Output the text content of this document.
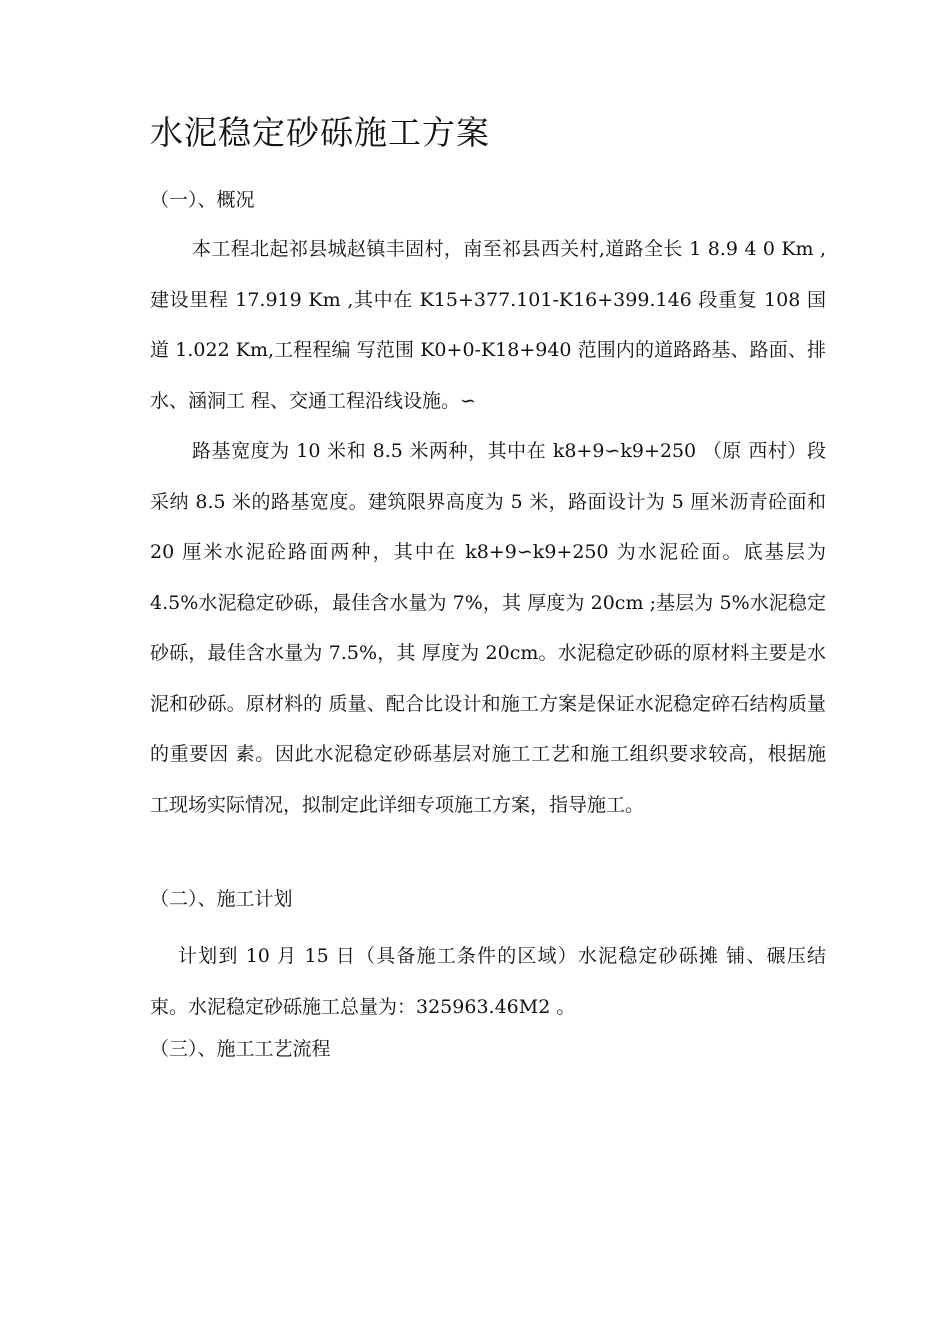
水泥稳定砂砾施工方案
（一）、概况

本工程北起祁县城赵镇丰固村，南至祁县西关村,道路全长 1 8.9 4 0 Km ,建设里程 17.919 Km ,其中在 K15+377.101-K16+399.146 段重复 108 国道 1.022 Km,工程程编 写范围 K0+0-K18+940 范围内的道路路基、路面、排水、涵洞工 程、交通工程沿线设施。∽

路基宽度为 10 米和 8.5 米两种，其中在 k8+9∽k9+250 （原 西村）段采纳 8.5 米的路基宽度。建筑限界高度为 5 米，路面设计为 5 厘米沥青砼面和 20 厘米水泥砼路面两种，其中在 k8+9∽k9+250 为水泥砼面。底基层为 4.5%水泥稳定砂砾，最佳含水量为 7%，其 厚度为 20cm ;基层为 5%水泥稳定砂砾，最佳含水量为 7.5%，其 厚度为 20cm。水泥稳定砂砾的原材料主要是水泥和砂砾。原材料的 质量、配合比设计和施工方案是保证水泥稳定碎石结构质量的重要因 素。因此水泥稳定砂砾基层对施工工艺和施工组织要求较高，根据施 工现场实际情况，拟制定此详细专项施工方案，指导施工。

（二）、施工计划

计划到 10 月 15 日（具备施工条件的区域）水泥稳定砂砾摊 铺、碾压结束。水泥稳定砂砾施工总量为：325963.46M2 。

（三）、施工工艺流程
